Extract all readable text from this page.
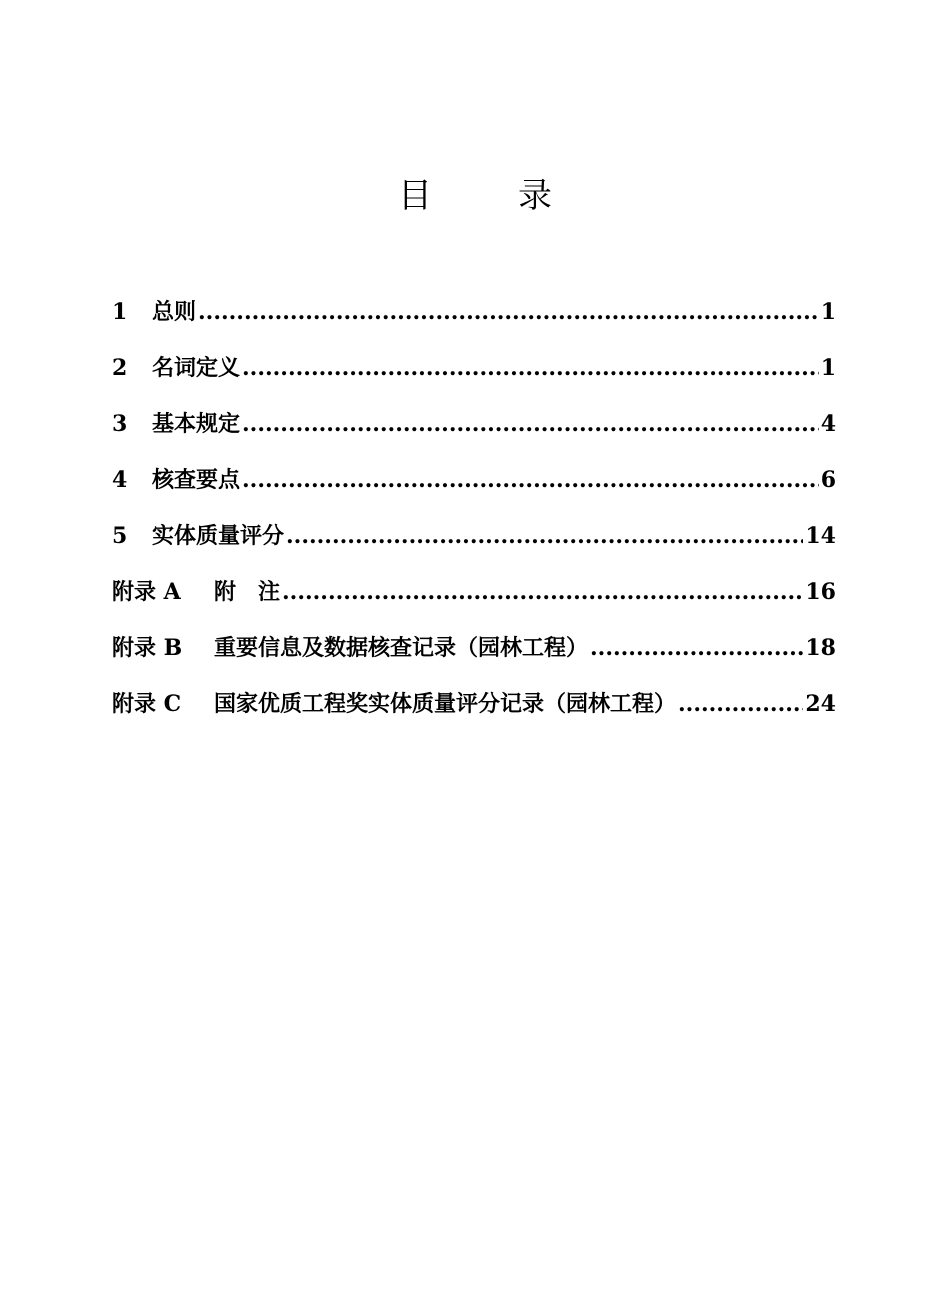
目	录
1	总则 .....	1
2	名词定义 .....	1
3	基本规定 .....	4
4	核查要点 .....	6
5	实体质量评分 .....	14
附录 A	附　注 .....	16
附录 B	重要信息及数据核查记录（园林工程） .....	18
附录 C	国家优质工程奖实体质量评分记录（园林工程） .....	24
